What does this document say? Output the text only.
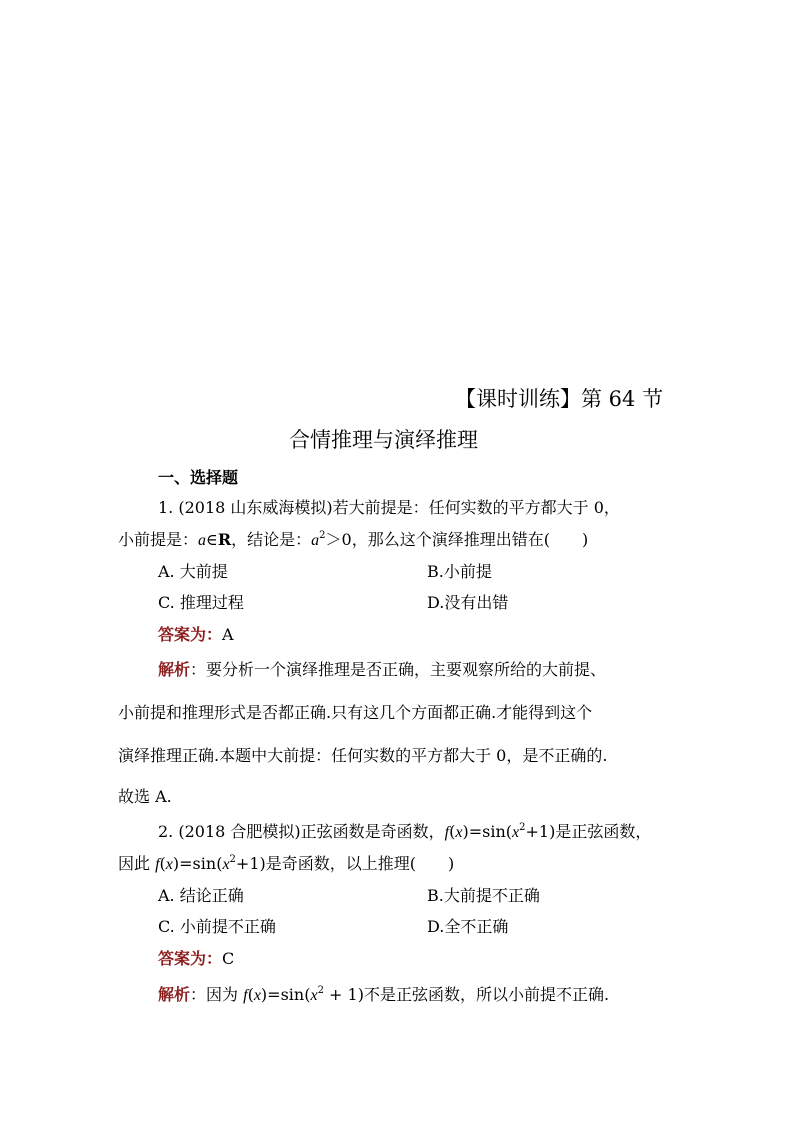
【课时训练】第 64 节
合情推理与演绎推理
一、选择题
1. (2018 山东威海模拟)若大前提是：任何实数的平方都大于 0，
小前提是：a∈R，结论是：$a^2>0$，那么这个演绎推理出错在(　　)
A. 大前提	B.小前提
C. 推理过程	D.没有出错
答案为：A
解析：要分析一个演绎推理是否正确，主要观察所给的大前提、
小前提和推理形式是否都正确.只有这几个方面都正确.才能得到这个
演绎推理正确.本题中大前提：任何实数的平方都大于 0，是不正确的.
故选 A.
2. (2018 合肥模拟)正弦函数是奇函数，$f(x)=\sin(x^2+1)$是正弦函数，
因此 $f(x)=\sin(x^2+1)$是奇函数，以上推理(　　)
A. 结论正确	B.大前提不正确
C. 小前提不正确	D.全不正确
答案为：C
解析：因为 $f(x)=\sin(x^2 + 1)$不是正弦函数，所以小前提不正确.
